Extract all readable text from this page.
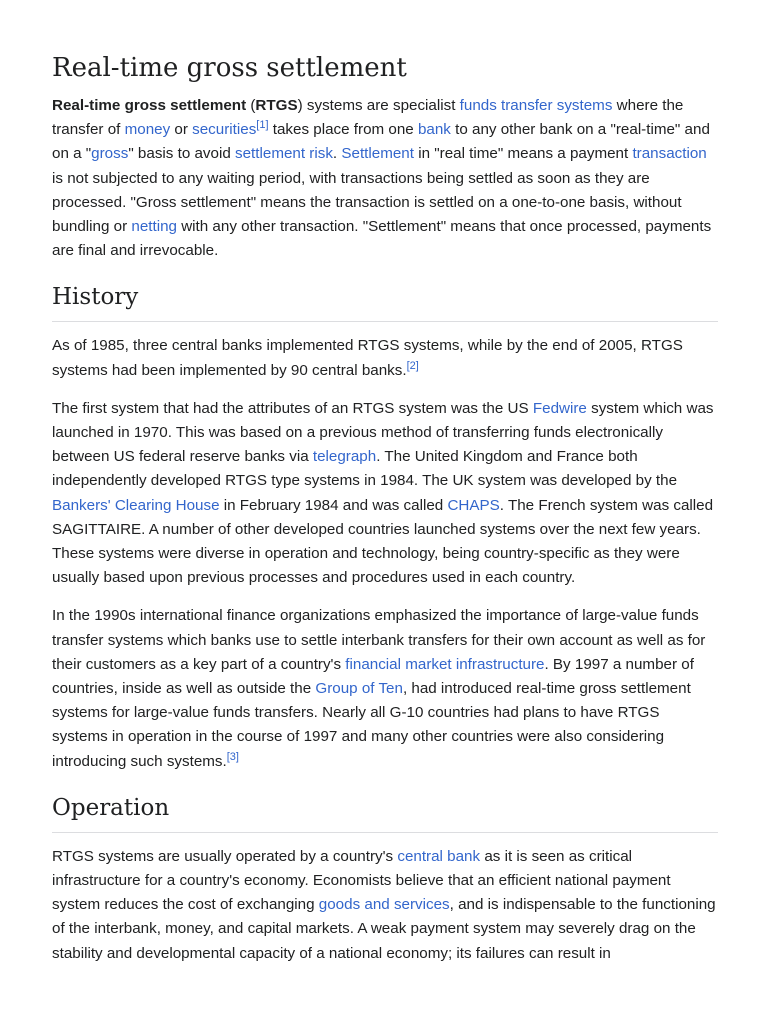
Real-time gross settlement

Real-time gross settlement (RTGS) systems are specialist funds transfer systems where the transfer of money or securities[1] takes place from one bank to any other bank on a "real-time" and on a "gross" basis to avoid settlement risk. Settlement in "real time" means a payment transaction is not subjected to any waiting period, with transactions being settled as soon as they are processed. "Gross settlement" means the transaction is settled on a one-to-one basis, without bundling or netting with any other transaction. "Settlement" means that once processed, payments are final and irrevocable.

History

As of 1985, three central banks implemented RTGS systems, while by the end of 2005, RTGS systems had been implemented by 90 central banks.[2]

The first system that had the attributes of an RTGS system was the US Fedwire system which was launched in 1970. This was based on a previous method of transferring funds electronically between US federal reserve banks via telegraph. The United Kingdom and France both independently developed RTGS type systems in 1984. The UK system was developed by the Bankers' Clearing House in February 1984 and was called CHAPS. The French system was called SAGITTAIRE. A number of other developed countries launched systems over the next few years. These systems were diverse in operation and technology, being country-specific as they were usually based upon previous processes and procedures used in each country.

In the 1990s international finance organizations emphasized the importance of large-value funds transfer systems which banks use to settle interbank transfers for their own account as well as for their customers as a key part of a country's financial market infrastructure. By 1997 a number of countries, inside as well as outside the Group of Ten, had introduced real-time gross settlement systems for large-value funds transfers. Nearly all G-10 countries had plans to have RTGS systems in operation in the course of 1997 and many other countries were also considering introducing such systems.[3]

Operation

RTGS systems are usually operated by a country's central bank as it is seen as critical infrastructure for a country's economy. Economists believe that an efficient national payment system reduces the cost of exchanging goods and services, and is indispensable to the functioning of the interbank, money, and capital markets. A weak payment system may severely drag on the stability and developmental capacity of a national economy; its failures can result in
